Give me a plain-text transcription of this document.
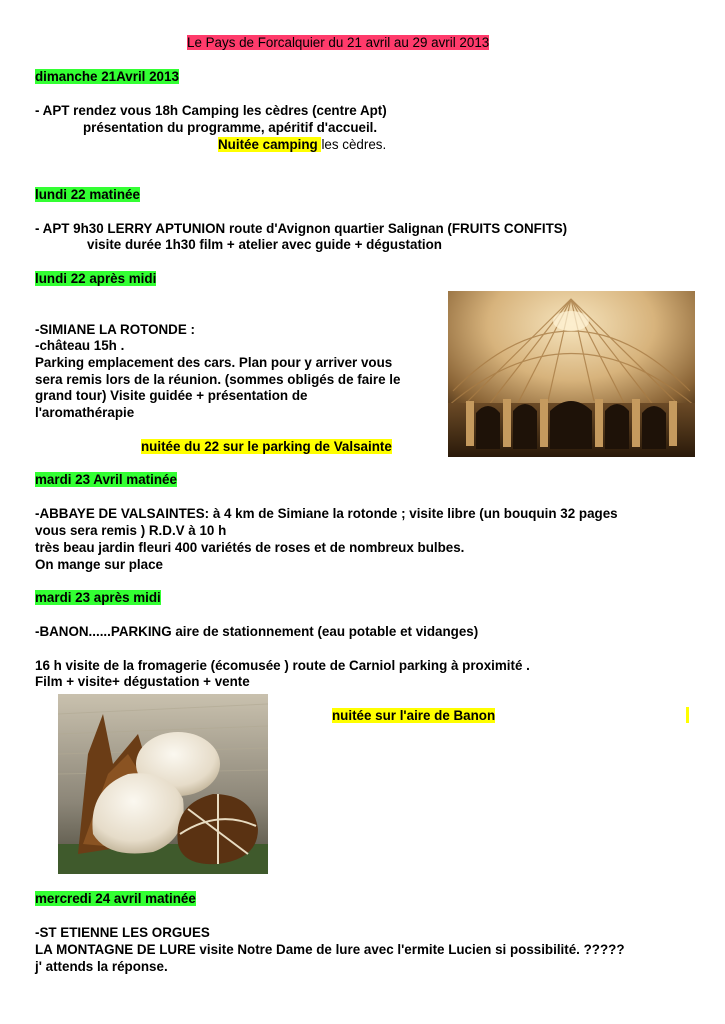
Le Pays de Forcalquier du 21 avril au 29 avril 2013
dimanche 21Avril 2013
- APT rendez vous 18h Camping les cèdres (centre Apt)
présentation du programme, apéritif d'accueil.
Nuitée camping les cèdres.
lundi 22 matinée
- APT 9h30 LERRY APTUNION route d'Avignon quartier Salignan (FRUITS CONFITS)
visite durée 1h30 film + atelier avec guide + dégustation
lundi 22 après midi
-SIMIANE LA ROTONDE :
-château 15h .
Parking emplacement des cars. Plan pour y arriver vous
sera remis lors de la réunion. (sommes obligés de faire le
grand tour) Visite guidée + présentation de
l'aromathérapie
nuitée du 22 sur le parking de Valsainte
mardi 23 Avril matinée
-ABBAYE DE VALSAINTES: à 4 km de Simiane la rotonde ; visite libre (un bouquin 32 pages
vous sera remis ) R.D.V à 10 h
très beau jardin fleuri 400 variétés de roses et de nombreux bulbes.
On mange sur place
mardi 23 après midi
-BANON......PARKING aire de stationnement (eau potable et vidanges)
16 h visite de la fromagerie (écomusée ) route de Carniol parking à proximité .
Film + visite+ dégustation + vente
nuitée sur l'aire de Banon
mercredi 24 avril matinée
-ST ETIENNE LES ORGUES
LA MONTAGNE DE LURE visite Notre Dame de lure avec l'ermite Lucien si possibilité. ?????
j' attends la réponse.
